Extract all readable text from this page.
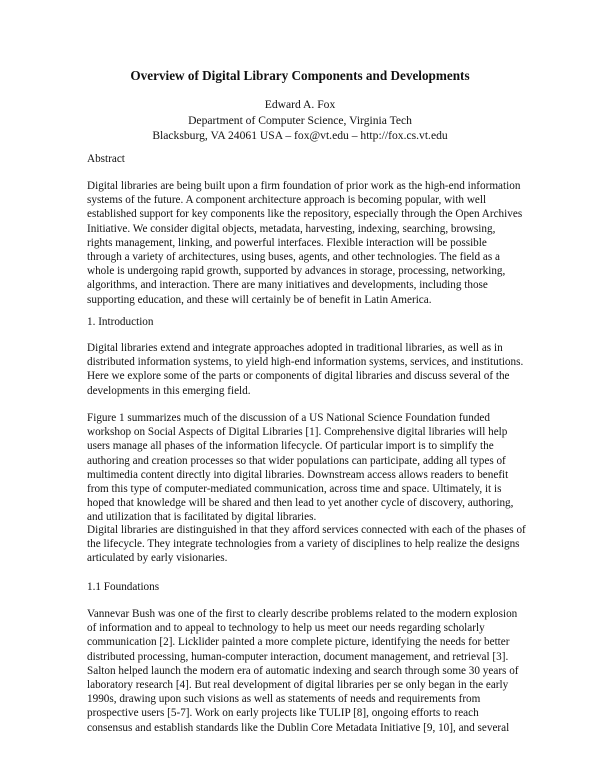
Overview of Digital Library Components and Developments
Edward A. Fox
Department of Computer Science, Virginia Tech
Blacksburg, VA 24061 USA – fox@vt.edu – http://fox.cs.vt.edu
Abstract
Digital libraries are being built upon a firm foundation of prior work as the high-end information
systems of the future. A component architecture approach is becoming popular, with well
established support for key components like the repository, especially through the Open Archives
Initiative. We consider digital objects, metadata, harvesting, indexing, searching, browsing,
rights management, linking, and powerful interfaces. Flexible interaction will be possible
through a variety of architectures, using buses, agents, and other technologies. The field as a
whole is undergoing rapid growth, supported by advances in storage, processing, networking,
algorithms, and interaction. There are many initiatives and developments, including those
supporting education, and these will certainly be of benefit in Latin America.
1. Introduction
Digital libraries extend and integrate approaches adopted in traditional libraries, as well as in
distributed information systems, to yield high-end information systems, services, and institutions.
Here we explore some of the parts or components of digital libraries and discuss several of the
developments in this emerging field.
Figure 1 summarizes much of the discussion of a US National Science Foundation funded
workshop on Social Aspects of Digital Libraries [1]. Comprehensive digital libraries will help
users manage all phases of the information lifecycle. Of particular import is to simplify the
authoring and creation processes so that wider populations can participate, adding all types of
multimedia content directly into digital libraries. Downstream access allows readers to benefit
from this type of computer-mediated communication, across time and space. Ultimately, it is
hoped that knowledge will be shared and then lead to yet another cycle of discovery, authoring,
and utilization that is facilitated by digital libraries.
Digital libraries are distinguished in that they afford services connected with each of the phases of
the lifecycle. They integrate technologies from a variety of disciplines to help realize the designs
articulated by early visionaries.
1.1 Foundations
Vannevar Bush was one of the first to clearly describe problems related to the modern explosion
of information and to appeal to technology to help us meet our needs regarding scholarly
communication [2]. Licklider painted a more complete picture, identifying the needs for better
distributed processing, human-computer interaction, document management, and retrieval [3].
Salton helped launch the modern era of automatic indexing and search through some 30 years of
laboratory research [4]. But real development of digital libraries per se only began in the early
1990s, drawing upon such visions as well as statements of needs and requirements from
prospective users [5-7]. Work on early projects like TULIP [8], ongoing efforts to reach
consensus and establish standards like the Dublin Core Metadata Initiative [9, 10], and several
